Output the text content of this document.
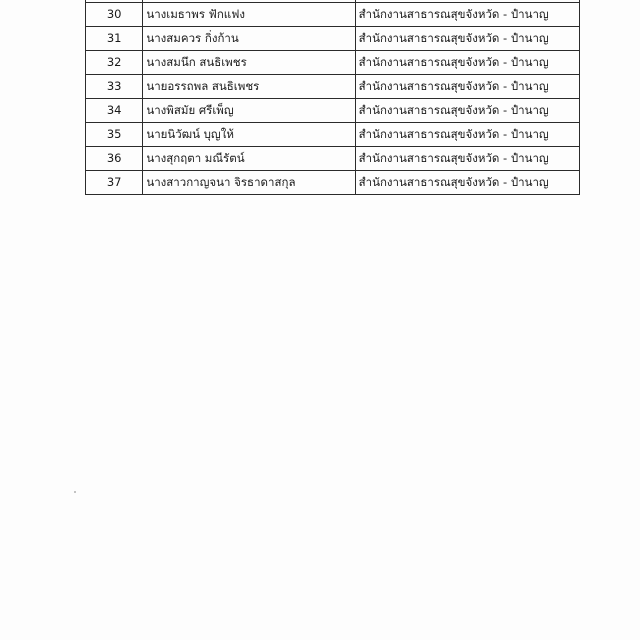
30	นางเมธาพร ฟักแฟง	สำนักงานสาธารณสุขจังหวัด - ปำนาญ
31	นางสมควร กิ่งก้าน	สำนักงานสาธารณสุขจังหวัด - ปำนาญ
32	นางสมนึก สนธิเพชร	สำนักงานสาธารณสุขจังหวัด - ปำนาญ
33	นายอรรถพล สนธิเพชร	สำนักงานสาธารณสุขจังหวัด - ปำนาญ
34	นางพิสมัย ศรีเพ็ญ	สำนักงานสาธารณสุขจังหวัด - ปำนาญ
35	นายนิวัฒน์ บุญให้	สำนักงานสาธารณสุขจังหวัด - ปำนาญ
36	นางสุกฤตา มณีรัตน์	สำนักงานสาธารณสุขจังหวัด - ปำนาญ
37	นางสาวกาญจนา จิรธาดาสกุล	สำนักงานสาธารณสุขจังหวัด - ปำนาญ
